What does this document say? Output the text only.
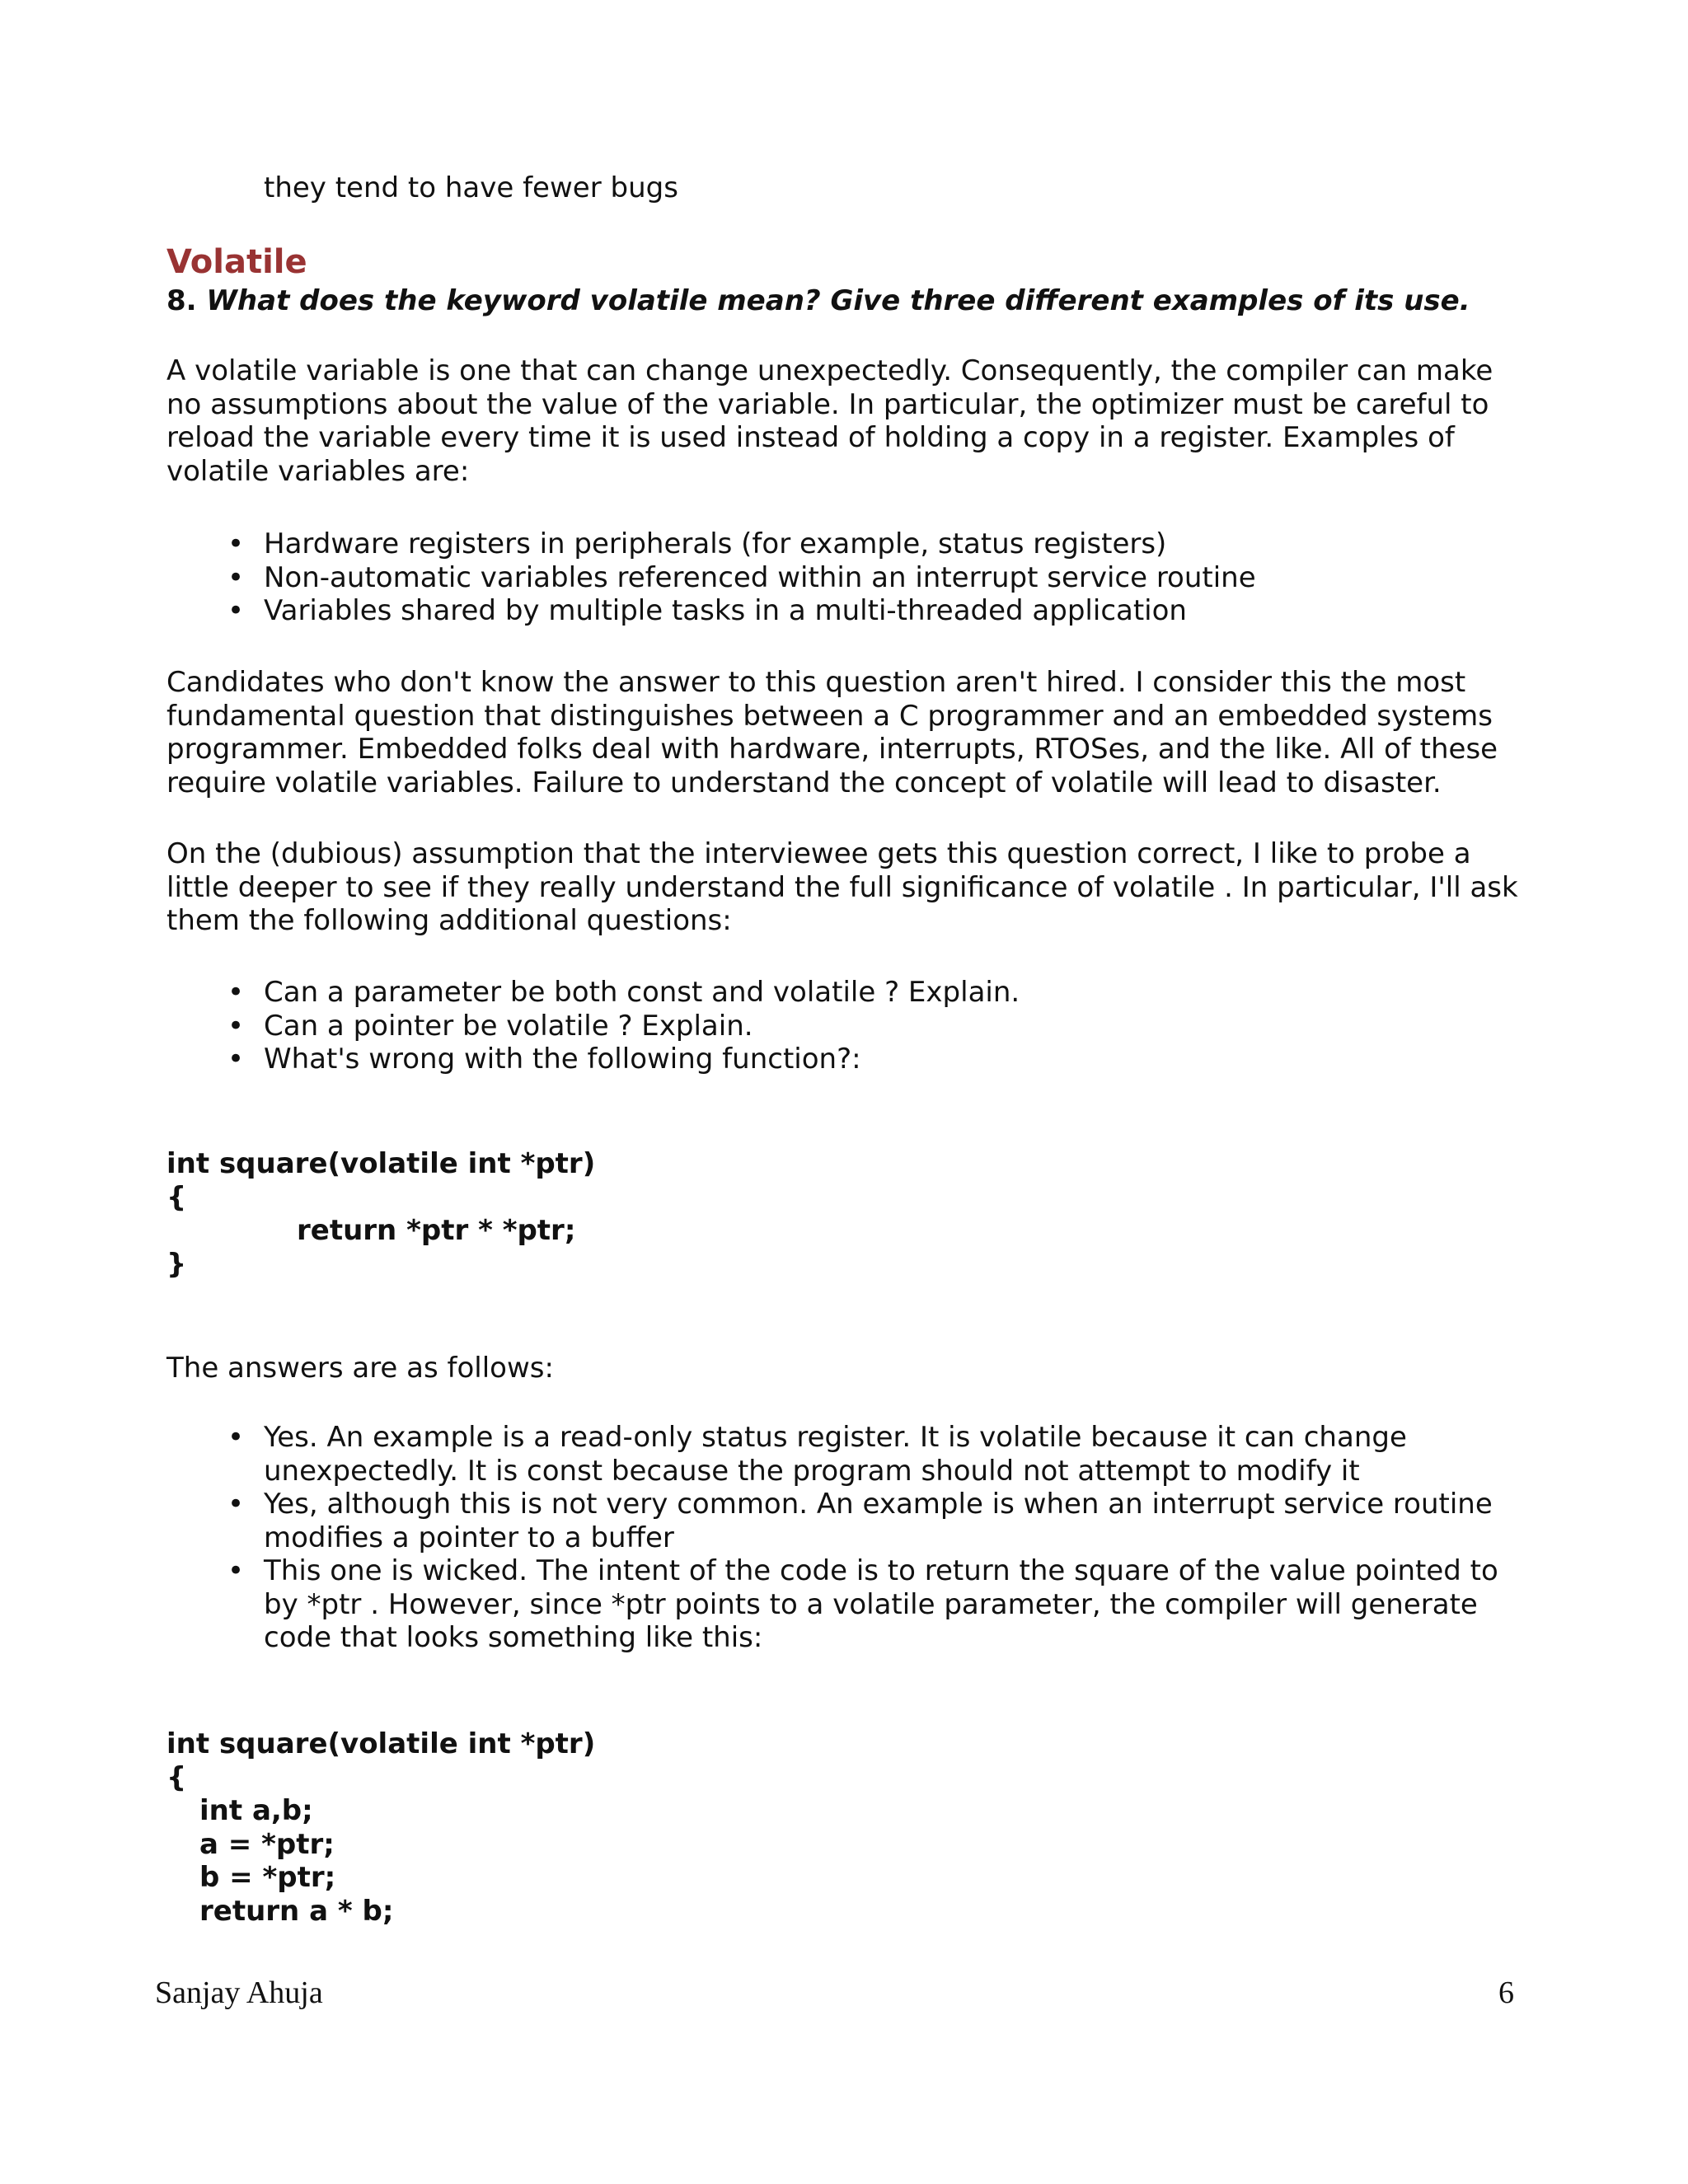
they tend to have fewer bugs
Volatile
8. What does the keyword volatile mean? Give three different examples of its use.

A volatile variable is one that can change unexpectedly. Consequently, the compiler can make no assumptions about the value of the variable. In particular, the optimizer must be careful to reload the variable every time it is used instead of holding a copy in a register. Examples of volatile variables are:

• Hardware registers in peripherals (for example, status registers)
• Non-automatic variables referenced within an interrupt service routine
• Variables shared by multiple tasks in a multi-threaded application

Candidates who don't know the answer to this question aren't hired. I consider this the most fundamental question that distinguishes between a C programmer and an embedded systems programmer. Embedded folks deal with hardware, interrupts, RTOSes, and the like. All of these require volatile variables. Failure to understand the concept of volatile will lead to disaster.

On the (dubious) assumption that the interviewee gets this question correct, I like to probe a little deeper to see if they really understand the full significance of volatile . In particular, I'll ask them the following additional questions:

• Can a parameter be both const and volatile ? Explain.
• Can a pointer be volatile ? Explain.
• What's wrong with the following function?:
int square(volatile int *ptr)
{
return *ptr * *ptr;
}

The answers are as follows:

• Yes. An example is a read-only status register. It is volatile because it can change unexpectedly. It is const because the program should not attempt to modify it
• Yes, although this is not very common. An example is when an interrupt service routine modifies a pointer to a buffer
• This one is wicked. The intent of the code is to return the square of the value pointed to by *ptr . However, since *ptr points to a volatile parameter, the compiler will generate code that looks something like this:
int square(volatile int *ptr)
{
int a,b;
a = *ptr;
b = *ptr;
return a * b;
Sanjay Ahuja	6
